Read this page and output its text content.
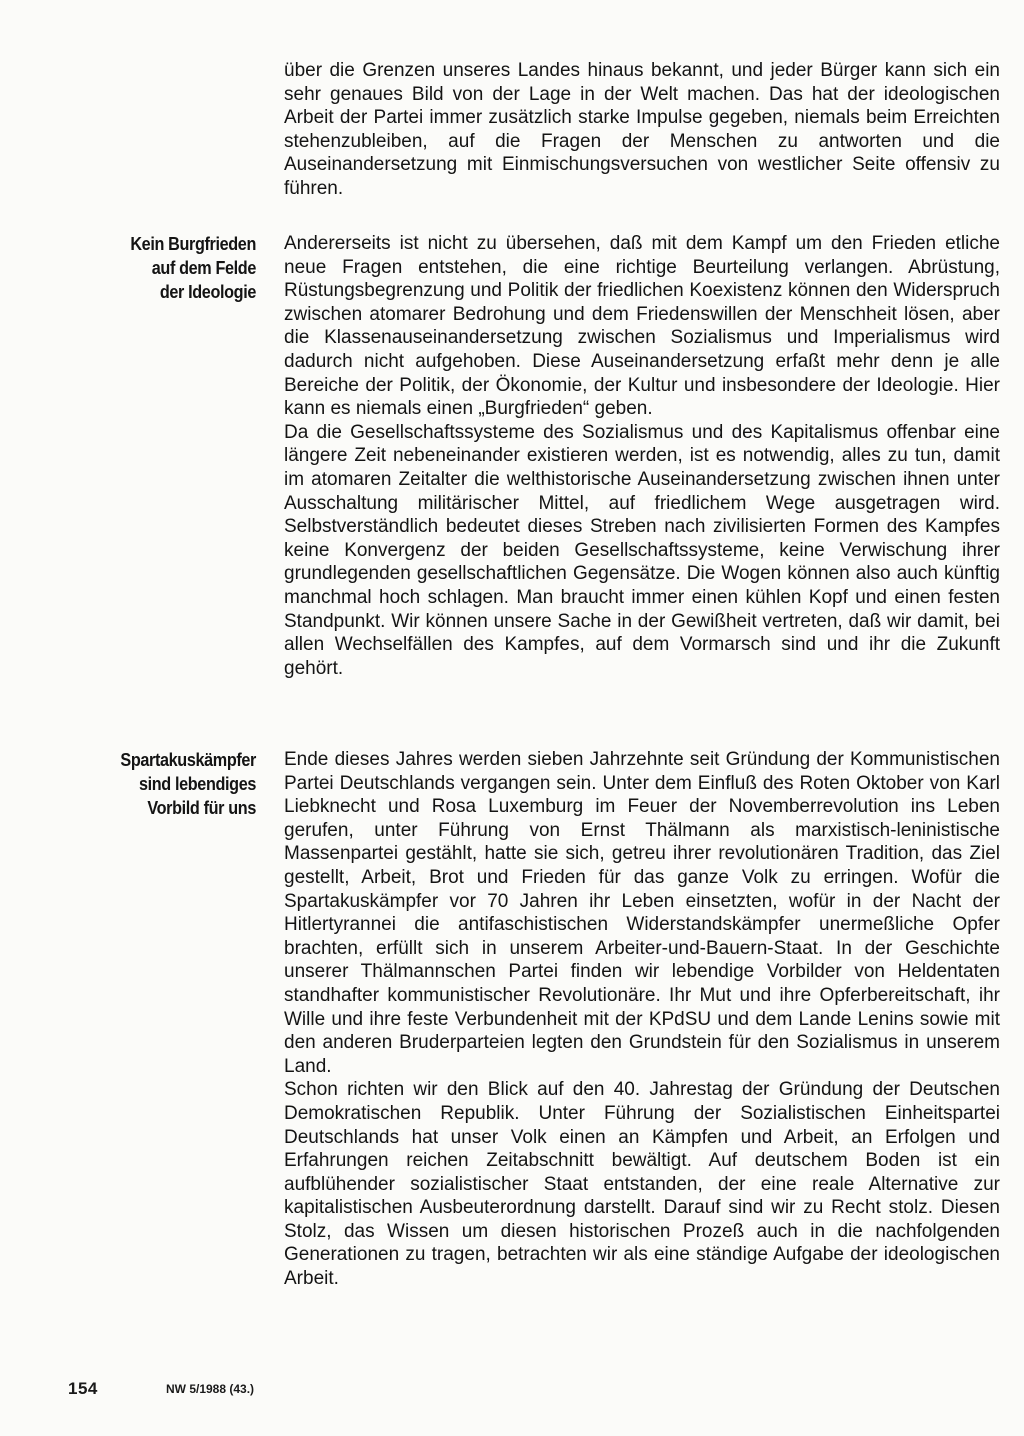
über die Grenzen unseres Landes hinaus bekannt, und jeder Bürger kann sich ein sehr genaues Bild von der Lage in der Welt machen. Das hat der ideologischen Arbeit der Partei immer zusätzlich starke Impulse gegeben, niemals beim Erreichten stehenzubleiben, auf die Fragen der Menschen zu antworten und die Auseinandersetzung mit Einmischungsversuchen von westlicher Seite offensiv zu führen.

Kein Burgfrieden
auf dem Felde
der Ideologie

Andererseits ist nicht zu übersehen, daß mit dem Kampf um den Frieden etliche neue Fragen entstehen, die eine richtige Beurteilung verlangen. Abrüstung, Rüstungsbegrenzung und Politik der friedlichen Koexistenz können den Widerspruch zwischen atomarer Bedrohung und dem Friedenswillen der Menschheit lösen, aber die Klassenauseinandersetzung zwischen Sozialismus und Imperialismus wird dadurch nicht aufgehoben. Diese Auseinandersetzung erfaßt mehr denn je alle Bereiche der Politik, der Ökonomie, der Kultur und insbesondere der Ideologie. Hier kann es niemals einen „Burgfrieden“ geben.

Da die Gesellschaftssysteme des Sozialismus und des Kapitalismus offenbar eine längere Zeit nebeneinander existieren werden, ist es notwendig, alles zu tun, damit im atomaren Zeitalter die welthistorische Auseinandersetzung zwischen ihnen unter Ausschaltung militärischer Mittel, auf friedlichem Wege ausgetragen wird. Selbstverständlich bedeutet dieses Streben nach zivilisierten Formen des Kampfes keine Konvergenz der beiden Gesellschaftssysteme, keine Verwischung ihrer grundlegenden gesellschaftlichen Gegensätze. Die Wogen können also auch künftig manchmal hoch schlagen. Man braucht immer einen kühlen Kopf und einen festen Standpunkt. Wir können unsere Sache in der Gewißheit vertreten, daß wir damit, bei allen Wechselfällen des Kampfes, auf dem Vormarsch sind und ihr die Zukunft gehört.

Spartakuskämpfer
sind lebendiges
Vorbild für uns

Ende dieses Jahres werden sieben Jahrzehnte seit Gründung der Kommunistischen Partei Deutschlands vergangen sein. Unter dem Einfluß des Roten Oktober von Karl Liebknecht und Rosa Luxemburg im Feuer der Novemberrevolution ins Leben gerufen, unter Führung von Ernst Thälmann als marxistisch-leninistische Massenpartei gestählt, hatte sie sich, getreu ihrer revolutionären Tradition, das Ziel gestellt, Arbeit, Brot und Frieden für das ganze Volk zu erringen. Wofür die Spartakuskämpfer vor 70 Jahren ihr Leben einsetzten, wofür in der Nacht der Hitlertyrannei die antifaschistischen Widerstandskämpfer unermeßliche Opfer brachten, erfüllt sich in unserem Arbeiter-und-Bauern-Staat. In der Geschichte unserer Thälmannschen Partei finden wir lebendige Vorbilder von Heldentaten standhafter kommunistischer Revolutionäre. Ihr Mut und ihre Opferbereitschaft, ihr Wille und ihre feste Verbundenheit mit der KPdSU und dem Lande Lenins sowie mit den anderen Bruderparteien legten den Grundstein für den Sozialismus in unserem Land.

Schon richten wir den Blick auf den 40. Jahrestag der Gründung der Deutschen Demokratischen Republik. Unter Führung der Sozialistischen Einheitspartei Deutschlands hat unser Volk einen an Kämpfen und Arbeit, an Erfolgen und Erfahrungen reichen Zeitabschnitt bewältigt. Auf deutschem Boden ist ein aufblühender sozialistischer Staat entstanden, der eine reale Alternative zur kapitalistischen Ausbeuterordnung darstellt. Darauf sind wir zu Recht stolz. Diesen Stolz, das Wissen um diesen historischen Prozeß auch in die nachfolgenden Generationen zu tragen, betrachten wir als eine ständige Aufgabe der ideologischen Arbeit.

154	NW 5/1988 (43.)
